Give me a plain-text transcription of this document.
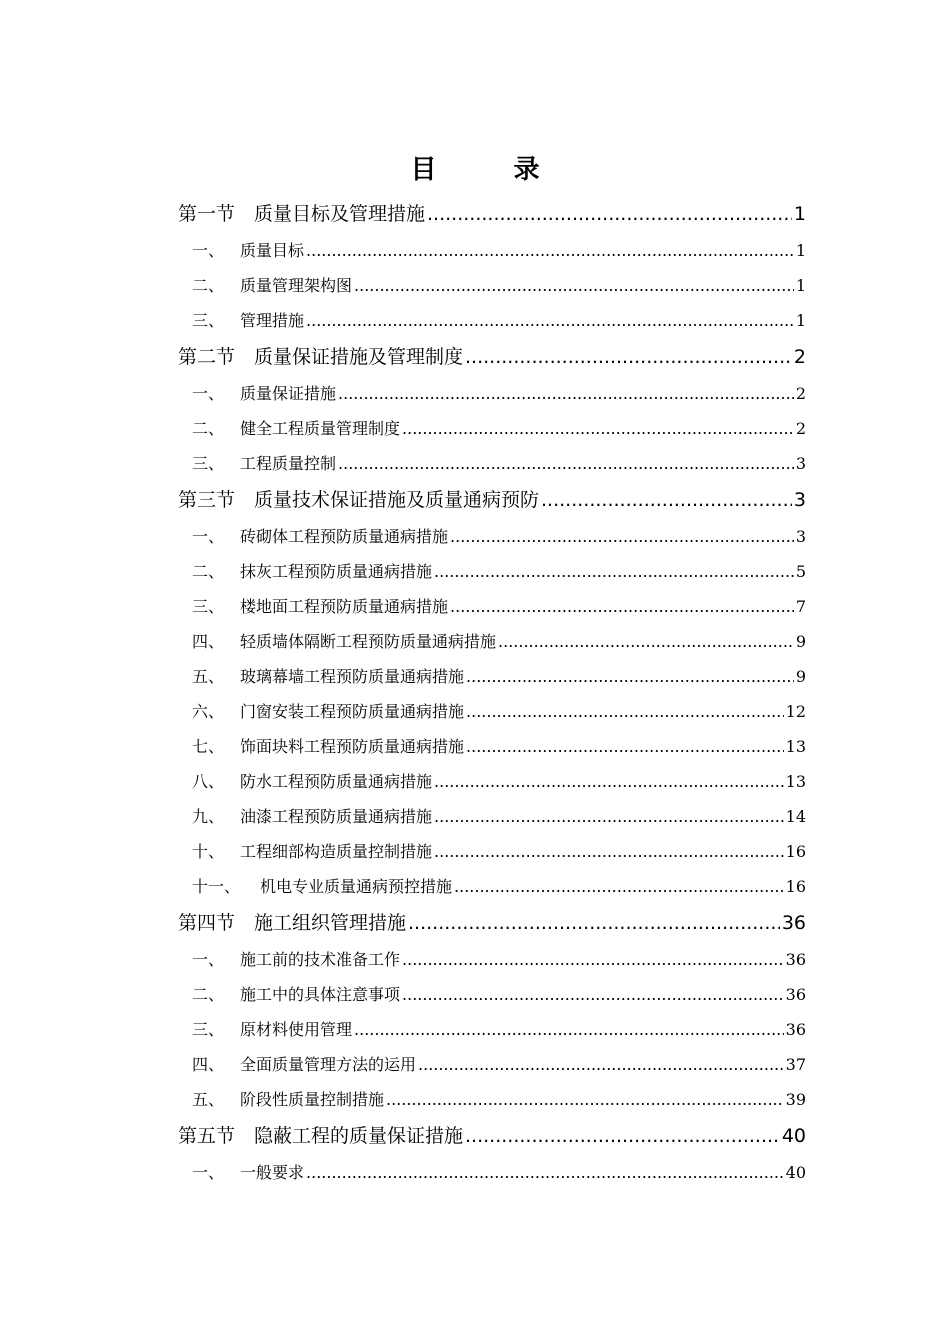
目 录
第一节 质量目标及管理措施 .....	1
一、 质量目标 .....	1
二、 质量管理架构图 .....	1
三、 管理措施 .....	1
第二节 质量保证措施及管理制度 .....	2
一、 质量保证措施 .....	2
二、 健全工程质量管理制度 .....	2
三、 工程质量控制 .....	3
第三节 质量技术保证措施及质量通病预防 .....	3
一、 砖砌体工程预防质量通病措施 .....	3
二、 抹灰工程预防质量通病措施 .....	5
三、 楼地面工程预防质量通病措施 .....	7
四、 轻质墙体隔断工程预防质量通病措施 .....	9
五、 玻璃幕墙工程预防质量通病措施 .....	9
六、 门窗安装工程预防质量通病措施 .....	12
七、 饰面块料工程预防质量通病措施 .....	13
八、 防水工程预防质量通病措施 .....	13
九、 油漆工程预防质量通病措施 .....	14
十、 工程细部构造质量控制措施 .....	16
十一、	机电专业质量通病预控措施 .....	16
第四节 施工组织管理措施 .....	36
一、 施工前的技术准备工作 .....	36
二、 施工中的具体注意事项 .....	36
三、 原材料使用管理 .....	36
四、 全面质量管理方法的运用 .....	37
五、 阶段性质量控制措施 .....	39
第五节 隐蔽工程的质量保证措施 .....	40
一、 一般要求 .....	40
